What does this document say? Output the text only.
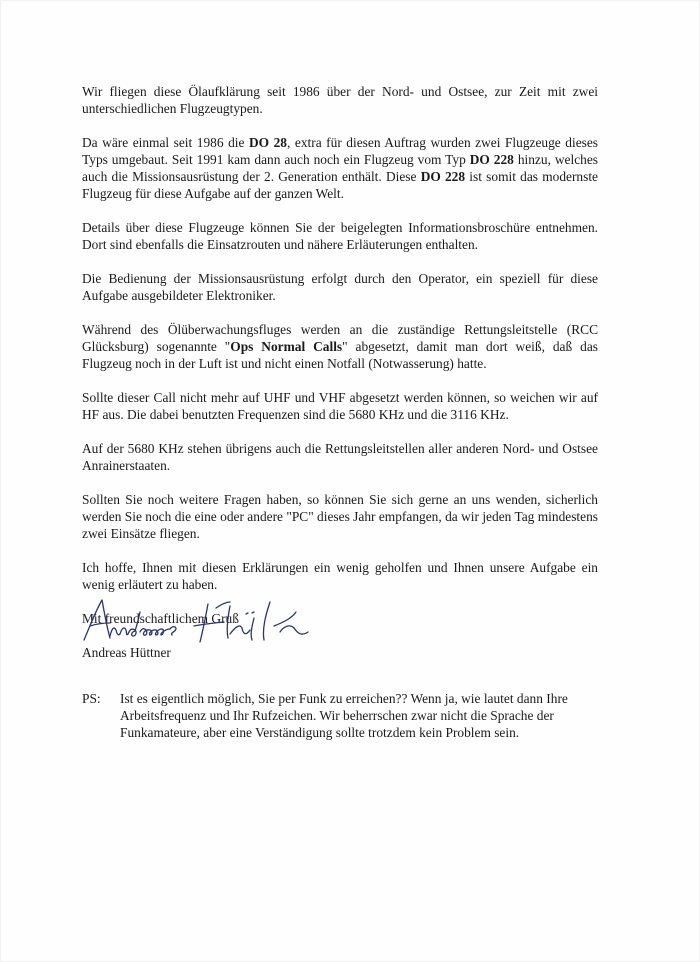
Wir fliegen diese Ölaufklärung seit 1986 über der Nord- und Ostsee, zur Zeit mit zwei unterschiedlichen Flugzeugtypen.

Da wäre einmal seit 1986 die DO 28, extra für diesen Auftrag wurden zwei Flugzeuge dieses Typs umgebaut. Seit 1991 kam dann auch noch ein Flugzeug vom Typ DO 228 hinzu, welches auch die Missionsausrüstung der 2. Generation enthält. Diese DO 228 ist somit das modernste Flugzeug für diese Aufgabe auf der ganzen Welt.

Details über diese Flugzeuge können Sie der beigelegten Informationsbroschüre entnehmen. Dort sind ebenfalls die Einsatzrouten und nähere Erläuterungen enthalten.

Die Bedienung der Missionsausrüstung erfolgt durch den Operator, ein speziell für diese Aufgabe ausgebildeter Elektroniker.

Während des Ölüberwachungsfluges werden an die zuständige Rettungsleitstelle (RCC Glücksburg) sogenannte "Ops Normal Calls" abgesetzt, damit man dort weiß, daß das Flugzeug noch in der Luft ist und nicht einen Notfall (Notwasserung) hatte.

Sollte dieser Call nicht mehr auf UHF und VHF abgesetzt werden können, so weichen wir auf HF aus. Die dabei benutzten Frequenzen sind die 5680 KHz und die 3116 KHz.

Auf der 5680 KHz stehen übrigens auch die Rettungsleitstellen aller anderen Nord- und Ostsee Anrainerstaaten.

Sollten Sie noch weitere Fragen haben, so können Sie sich gerne an uns wenden, sicherlich werden Sie noch die eine oder andere "PC" dieses Jahr empfangen, da wir jeden Tag mindestens zwei Einsätze fliegen.

Ich hoffe, Ihnen mit diesen Erklärungen ein wenig geholfen und Ihnen unsere Aufgabe ein wenig erläutert zu haben.

Mit freundschaftlichem Gruß

Andreas Hüttner
PS: Ist es eigentlich möglich, Sie per Funk zu erreichen?? Wenn ja, wie lautet dann Ihre Arbeitsfrequenz und Ihr Rufzeichen. Wir beherrschen zwar nicht die Sprache der Funkamateure, aber eine Verständigung sollte trotzdem kein Problem sein.
